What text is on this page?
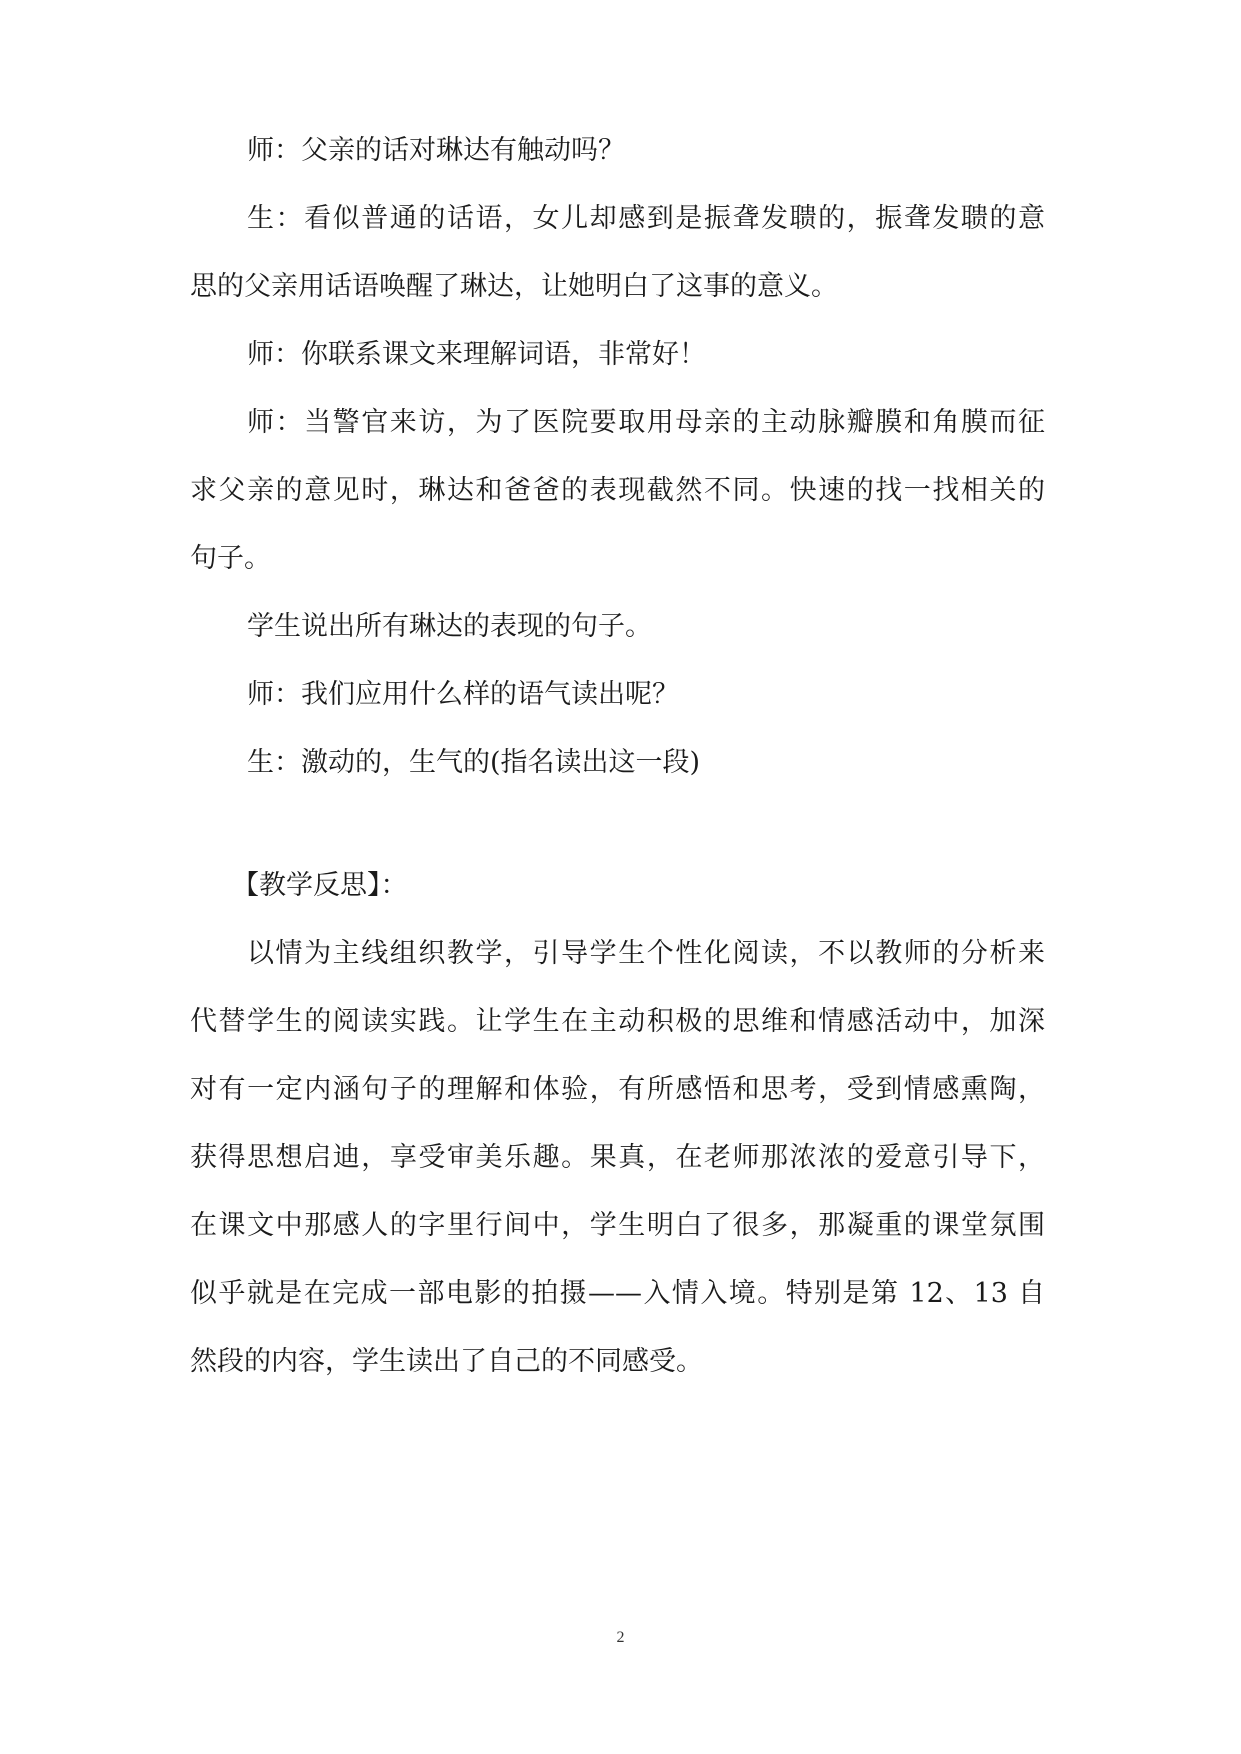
师：父亲的话对琳达有触动吗？
生：看似普通的话语，女儿却感到是振聋发聩的，振聋发聩的意
思的父亲用话语唤醒了琳达，让她明白了这事的意义。
师：你联系课文来理解词语，非常好！
师：当警官来访，为了医院要取用母亲的主动脉瓣膜和角膜而征
求父亲的意见时，琳达和爸爸的表现截然不同。快速的找一找相关的
句子。
学生说出所有琳达的表现的句子。
师：我们应用什么样的语气读出呢？
生：激动的，生气的(指名读出这一段)
【教学反思】：
以情为主线组织教学，引导学生个性化阅读，不以教师的分析来
代替学生的阅读实践。让学生在主动积极的思维和情感活动中，加深
对有一定内涵句子的理解和体验，有所感悟和思考，受到情感熏陶，
获得思想启迪，享受审美乐趣。果真，在老师那浓浓的爱意引导下，
在课文中那感人的字里行间中，学生明白了很多，那凝重的课堂氛围
似乎就是在完成一部电影的拍摄——入情入境。特别是第 12、13 自
然段的内容，学生读出了自己的不同感受。
2
